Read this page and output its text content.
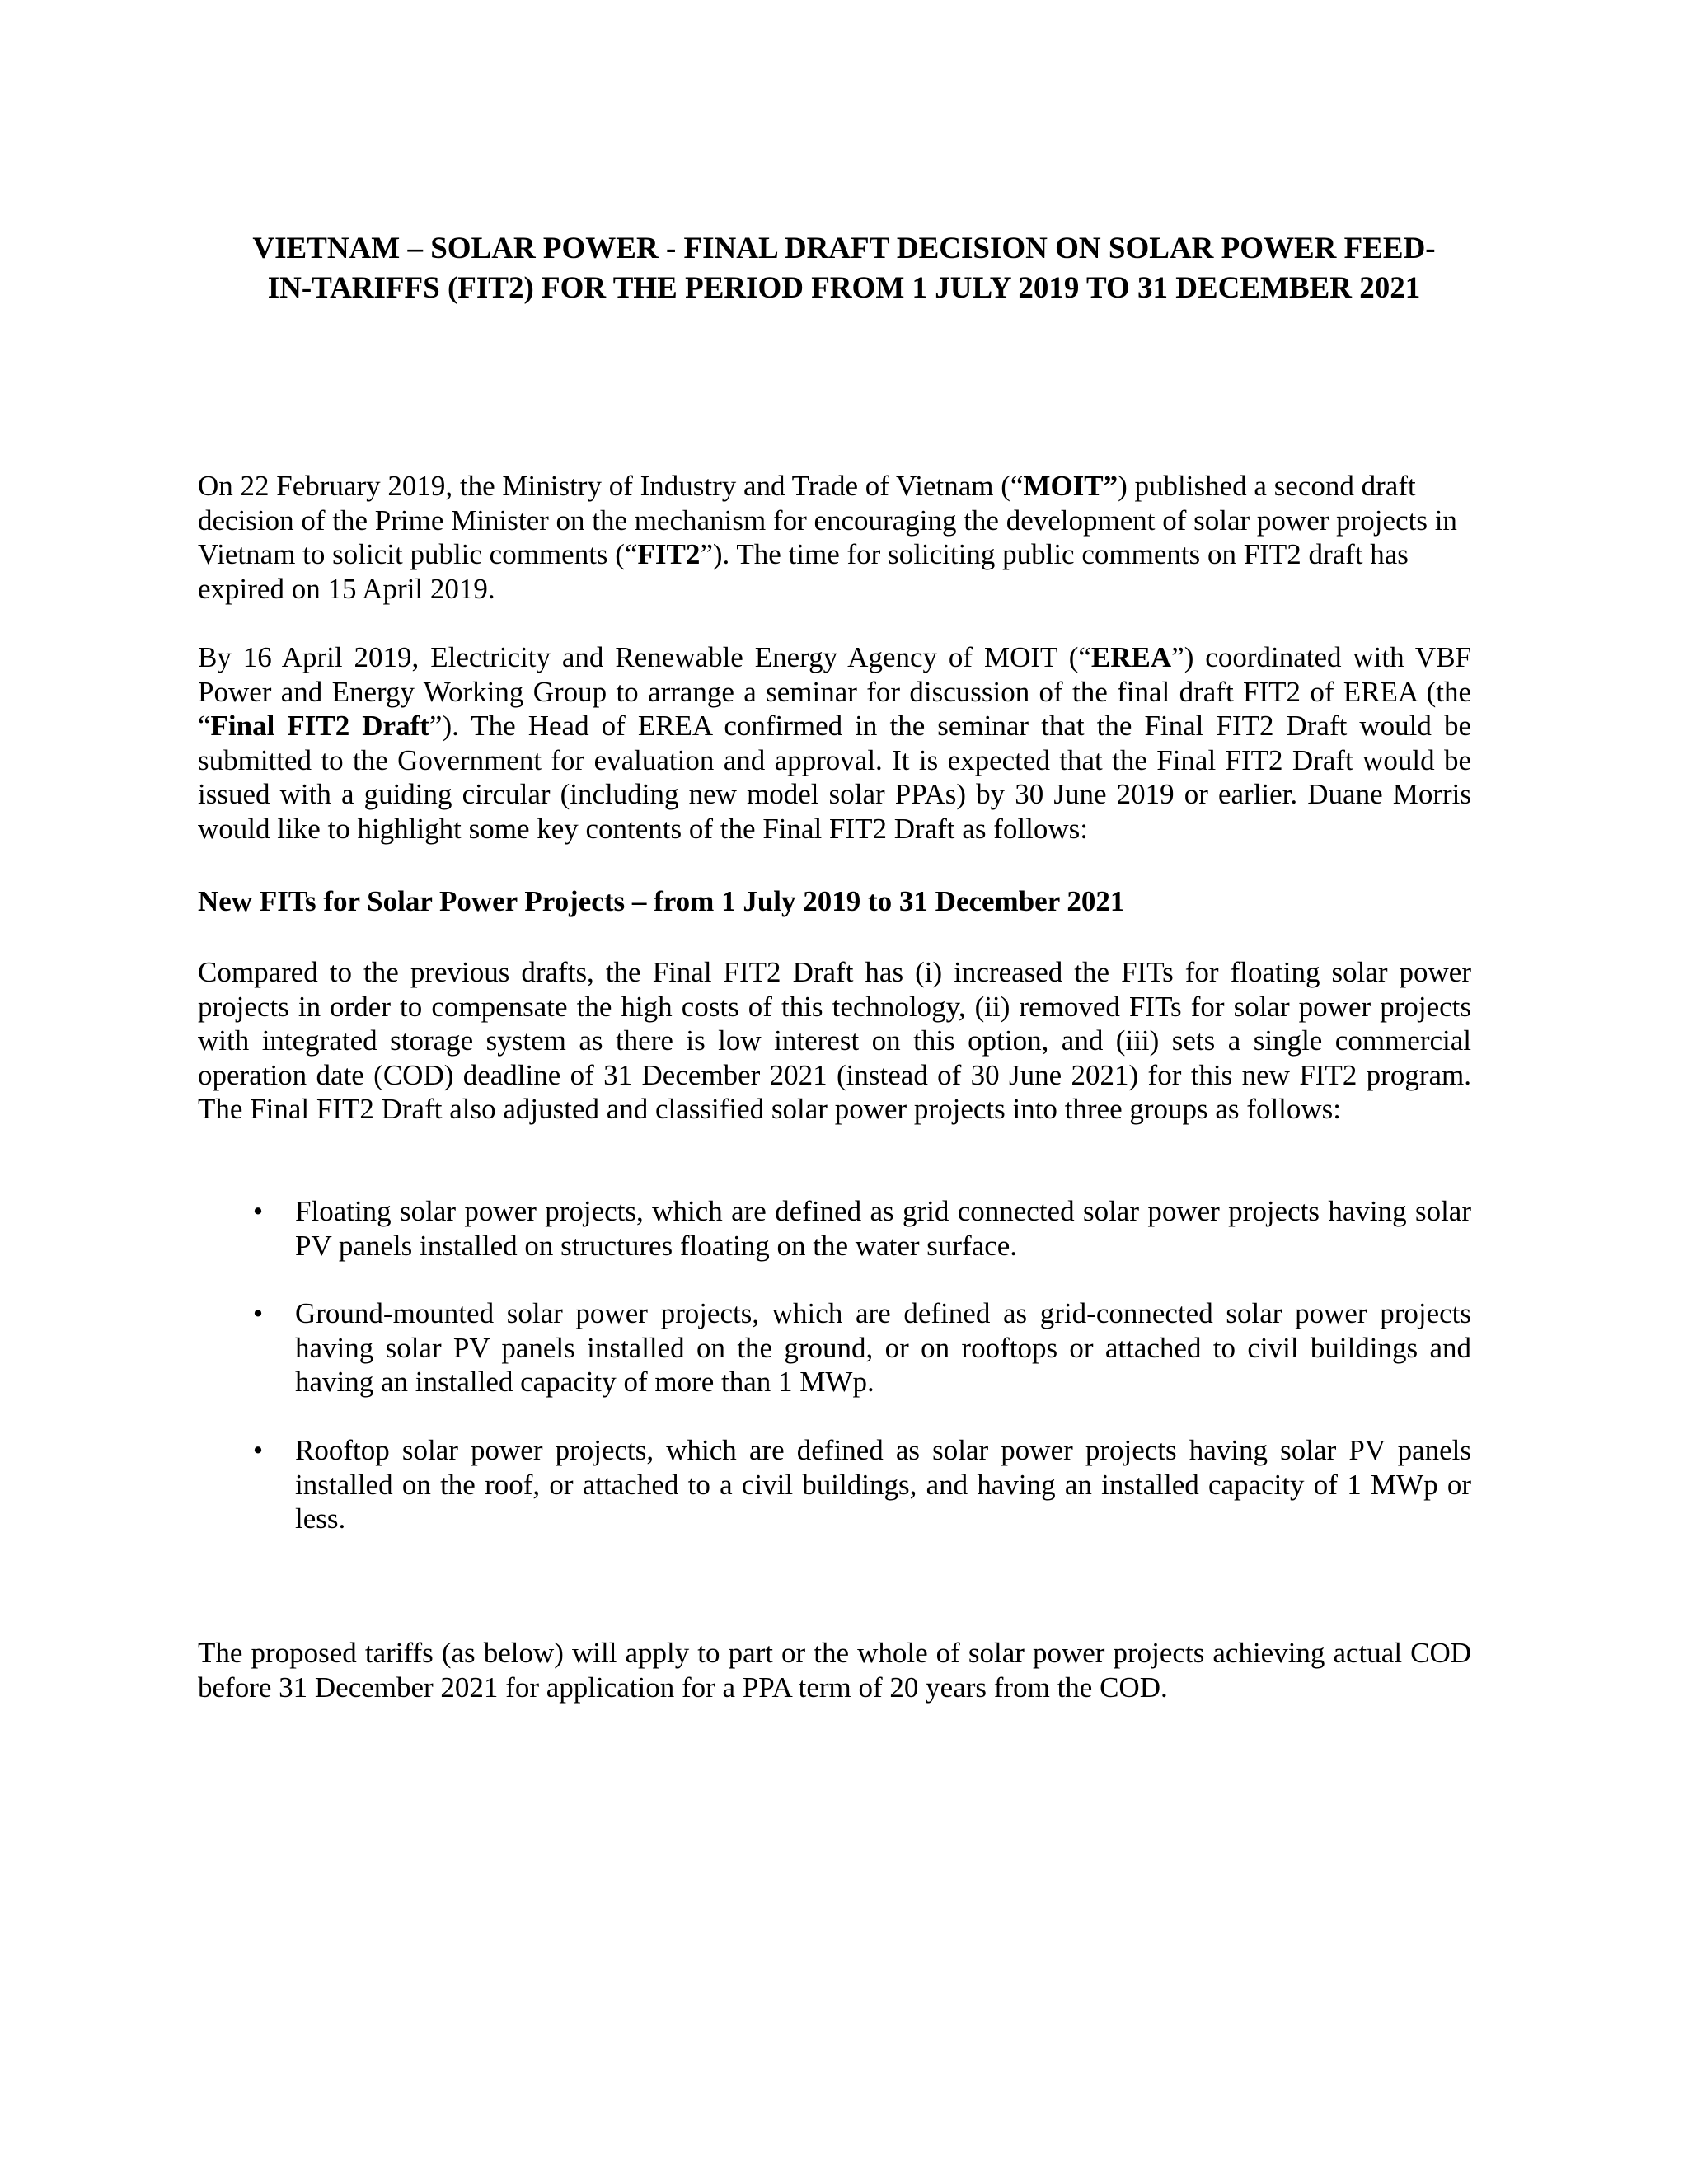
VIETNAM – SOLAR POWER - FINAL DRAFT DECISION ON SOLAR POWER FEED-
IN-TARIFFS (FIT2) FOR THE PERIOD FROM 1 JULY 2019 TO 31 DECEMBER 2021

On 22 February 2019, the Ministry of Industry and Trade of Vietnam (“MOIT”) published a second draft decision of the Prime Minister on the mechanism for encouraging the development of solar power projects in Vietnam to solicit public comments (“FIT2”). The time for soliciting public comments on FIT2 draft has expired on 15 April 2019.

By 16 April 2019, Electricity and Renewable Energy Agency of MOIT (“EREA”) coordinated with VBF Power and Energy Working Group to arrange a seminar for discussion of the final draft FIT2 of EREA (the “Final FIT2 Draft”). The Head of EREA confirmed in the seminar that the Final FIT2 Draft would be submitted to the Government for evaluation and approval. It is expected that the Final FIT2 Draft would be issued with a guiding circular (including new model solar PPAs) by 30 June 2019 or earlier. Duane Morris would like to highlight some key contents of the Final FIT2 Draft as follows:

New FITs for Solar Power Projects – from 1 July 2019 to 31 December 2021

Compared to the previous drafts, the Final FIT2 Draft has (i) increased the FITs for floating solar power projects in order to compensate the high costs of this technology, (ii) removed FITs for solar power projects with integrated storage system as there is low interest on this option, and (iii) sets a single commercial operation date (COD) deadline of 31 December 2021 (instead of 30 June 2021) for this new FIT2 program. The Final FIT2 Draft also adjusted and classified solar power projects into three groups as follows:

• Floating solar power projects, which are defined as grid connected solar power projects having solar PV panels installed on structures floating on the water surface.
• Ground-mounted solar power projects, which are defined as grid-connected solar power projects having solar PV panels installed on the ground, or on rooftops or attached to civil buildings and having an installed capacity of more than 1 MWp.
• Rooftop solar power projects, which are defined as solar power projects having solar PV panels installed on the roof, or attached to a civil buildings, and having an installed capacity of 1 MWp or less.

The proposed tariffs (as below) will apply to part or the whole of solar power projects achieving actual COD before 31 December 2021 for application for a PPA term of 20 years from the COD.
